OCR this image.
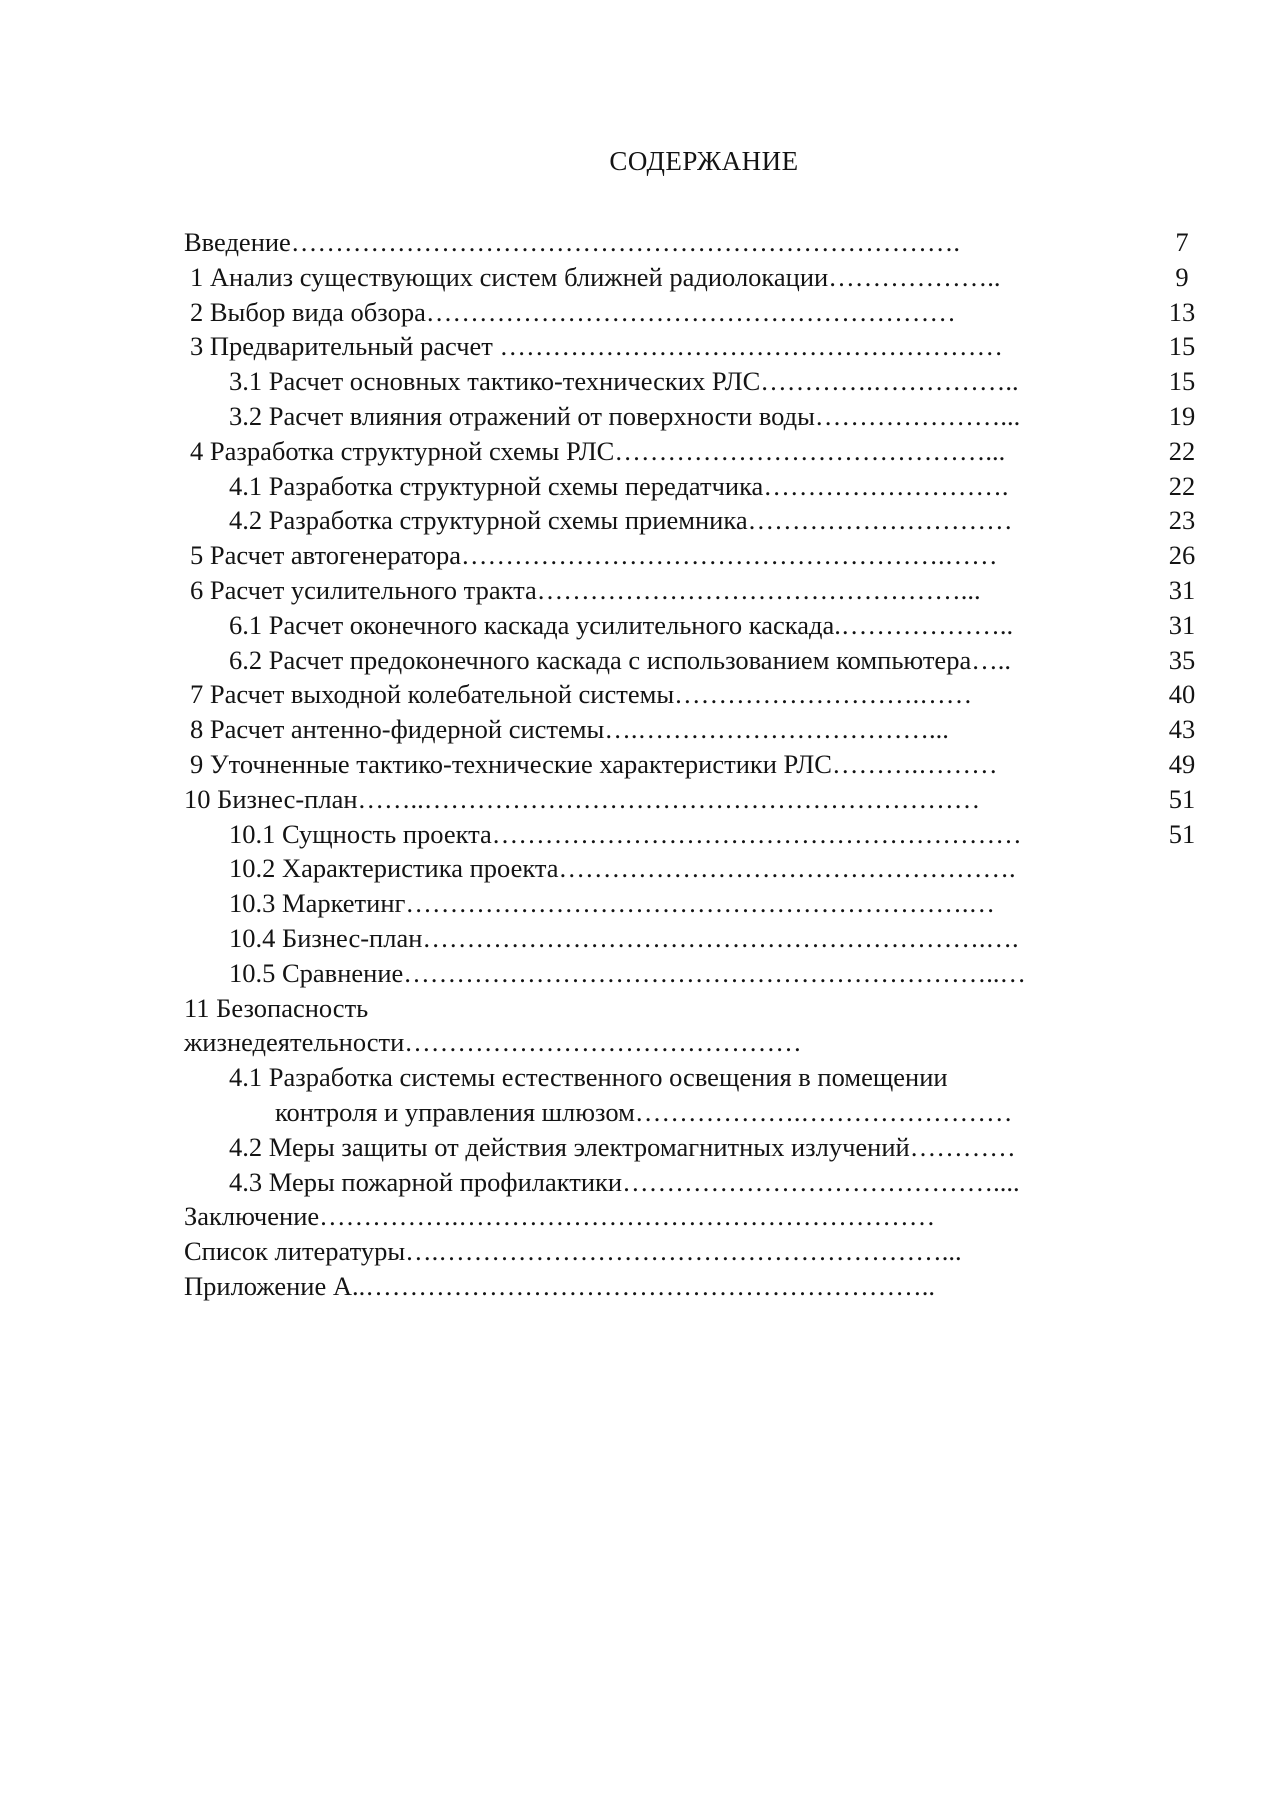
СОДЕРЖАНИЕ
Введение………………………………………………………………….	7
1 Анализ существующих систем ближней радиолокации………………..	9
2 Выбор вида обзора……………………………………………………	13
3 Предварительный расчет …………………………………………………	15
3.1 Расчет основных тактико-технических РЛС………….……………..	15
3.2 Расчет влияния отражений от поверхности воды…………………...	19
4 Разработка структурной схемы РЛС……………………………………...	22
4.1 Разработка структурной схемы передатчика……………………….	22
4.2 Разработка структурной схемы приемника…………………………	23
5 Расчет автогенератора……………………………………………….……	26
6 Расчет усилительного тракта…………………………………………...	31
6.1 Расчет оконечного каскада усилительного каскада.………………..	31
6.2 Расчет предоконечного каскада с использованием компьютера…..	35
7 Расчет выходной колебательной системы……………………….……	40
8 Расчет антенно-фидерной системы….……………………………...	43
9 Уточненные тактико-технические характеристики РЛС……….………	49
10 Бизнес-план……..………………………………………………………	51
10.1 Сущность проекта……………………………………………………	51
10.2 Характеристика проекта…………………………………………….
10.3 Маркетинг……………………………………………………….…
10.4 Бизнес-план……………………………………………………….….
10.5 Сравнение…………………………………………………………..…
11 Безопасность
жизнедеятельности………………………………………
4.1 Разработка системы естественного освещения в помещении
контроля и управления шлюзом……………….……………………
4.2 Меры защиты от действия электромагнитных излучений…………
4.3 Меры пожарной профилактики……………………………………....
Заключение…………….………………………………………………
Список литературы….…………………………………………………...
Приложение А..………………………………………………………..
